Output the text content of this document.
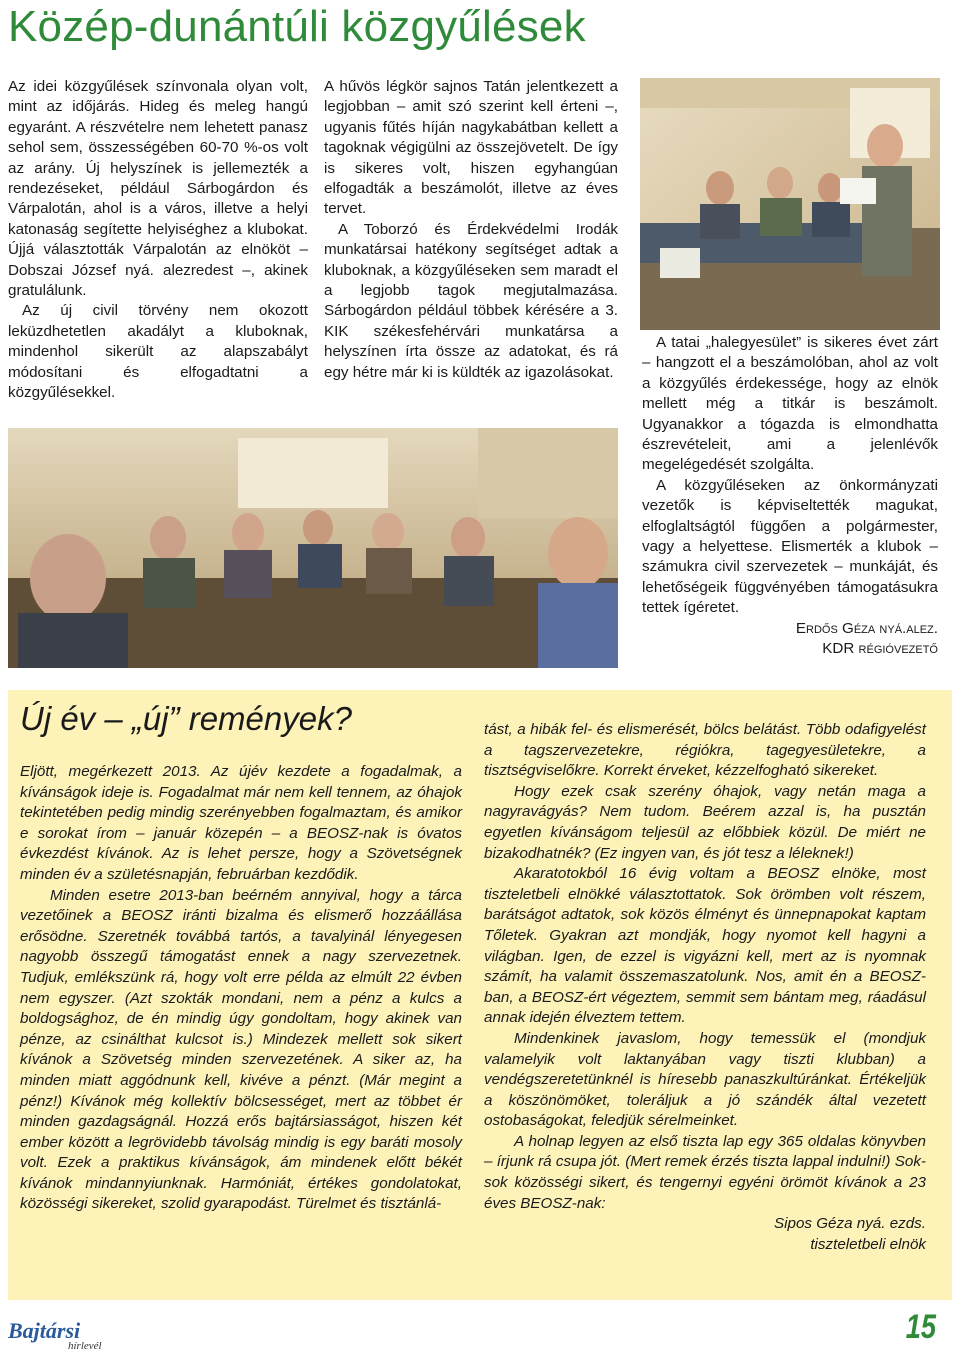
Közép-dunántúli közgyűlések

Az idei közgyűlések színvonala olyan volt, mint az időjárás. Hideg és meleg hangú egyaránt. A részvételre nem lehetett panasz sehol sem, összességében 60-70 %-os volt az arány. Új helyszínek is jellemezték a rendezéseket, például Sárbogárdon és Várpalotán, ahol is a város, illetve a helyi katonaság segítette helyiséghez a klubokat. Újjá választották Várpalotán az elnököt – Dobszai József nyá. alezredest –, akinek gratulálunk.

Az új civil törvény nem okozott leküzdhetetlen akadályt a kluboknak, mindenhol sikerült az alapszabályt módosítani és elfogadtatni a közgyűlésekkel.

A hűvös légkör sajnos Tatán jelentkezett a legjobban – amit szó szerint kell érteni –, ugyanis fűtés híján nagykabátban kellett a tagoknak végigülni az összejövetelt. De így is sikeres volt, hiszen egyhangúan elfogadták a beszámolót, illetve az éves tervet.

A Toborzó és Érdekvédelmi Irodák munkatársai hatékony segítséget adtak a kluboknak, a közgyűléseken sem maradt el a legjobb tagok megjutalmazása. Sárbogárdon például többek kérésére a 3. KIK székesfehérvári munkatársa a helyszínen írta össze az adatokat, és rá egy hétre már ki is küldték az igazolásokat.

A tatai „halegyesület” is sikeres évet zárt – hangzott el a beszámolóban, ahol az volt a közgyűlés érdekessége, hogy az elnök mellett még a titkár is beszámolt. Ugyanakkor a tógazda is elmondhatta észrevételeit, ami a jelenlévők megelégedését szolgálta.

A közgyűléseken az önkormányzati vezetők is képviseltették magukat, elfoglaltságtól függően a polgármester, vagy a helyettese. Elismerték a klubok – számukra civil szervezetek – munkáját, és lehetőségeik függvényében támogatásukra tettek ígéretet.

Erdős Géza nyá.alez.

KDR régióvezető

Új év – „új” remények?

Eljött, megérkezett 2013. Az újév kezdete a fogadalmak, a kívánságok ideje is. Fogadalmat már nem kell tennem, az óhajok tekintetében pedig mindig szerényebben fogalmaztam, és amikor e sorokat írom – január közepén – a BEOSZ-nak is óvatos évkezdést kívánok. Az is lehet persze, hogy a Szövetségnek minden év a születésnapján, februárban kezdődik.

Minden esetre 2013-ban beérném annyival, hogy a tárca vezetőinek a BEOSZ iránti bizalma és elismerő hozzáállása erősödne. Szeretnék továbbá tartós, a tavalyinál lényegesen nagyobb összegű támogatást ennek a nagy szervezetnek. Tudjuk, emlékszünk rá, hogy volt erre példa az elmúlt 22 évben nem egyszer. (Azt szokták mondani, nem a pénz a kulcs a boldogsághoz, de én mindig úgy gondoltam, hogy akinek van pénze, az csinálthat kulcsot is.) Mindezek mellett sok sikert kívánok a Szövetség minden szervezetének. A siker az, ha minden miatt aggódnunk kell, kivéve a pénzt. (Már megint a pénz!) Kívánok még kollektív bölcsességet, mert az többet ér minden gazdagságnál. Hozzá erős bajtársiasságot, hiszen két ember között a legrövidebb távolság mindig is egy baráti mosoly volt. Ezek a praktikus kívánságok, ám mindenek előtt békét kívánok mindannyiunknak. Harmóniát, értékes gondolatokat, közösségi sikereket, szolid gyarapodást. Türelmet és tisztánlá-

tást, a hibák fel- és elismerését, bölcs belátást. Több odafigyelést a tagszervezetekre, régiókra, tagegyesületekre, a tisztségviselőkre. Korrekt érveket, kézzelfogható sikereket.

Hogy ezek csak szerény óhajok, vagy netán maga a nagyravágyás? Nem tudom. Beérem azzal is, ha pusztán egyetlen kívánságom teljesül az előbbiek közül. De miért ne bizakodhatnék? (Ez ingyen van, és jót tesz a léleknek!)

Akaratotokból 16 évig voltam a BEOSZ elnöke, most tiszteletbeli elnökké választottatok. Sok örömben volt részem, barátságot adtatok, sok közös élményt és ünnepnapokat kaptam Tőletek. Gyakran azt mondják, hogy nyomot kell hagyni a világban. Igen, de ezzel is vigyázni kell, mert az is nyomnak számít, ha valamit összemaszatolunk. Nos, amit én a BEOSZ-ban, a BEOSZ-ért végeztem, semmit sem bántam meg, ráadásul annak idején élveztem tettem.

Mindenkinek javaslom, hogy temessük el (mondjuk valamelyik volt laktanyában vagy tiszti klubban) a vendégszeretetünknél is híresebb panaszkultúránkat. Értékeljük a köszönömöket, toleráljuk a jó szándék által vezetett ostobaságokat, feledjük sérelmeinket.

A holnap legyen az első tiszta lap egy 365 oldalas könyvben – írjunk rá csupa jót. (Mert remek érzés tiszta lappal indulni!) Sok-sok közösségi sikert, és tengernyi egyéni örömöt kívánok a 23 éves BEOSZ-nak:

Sipos Géza nyá. ezds.

tiszteletbeli elnök

Bajtársi
hírlevél	15
